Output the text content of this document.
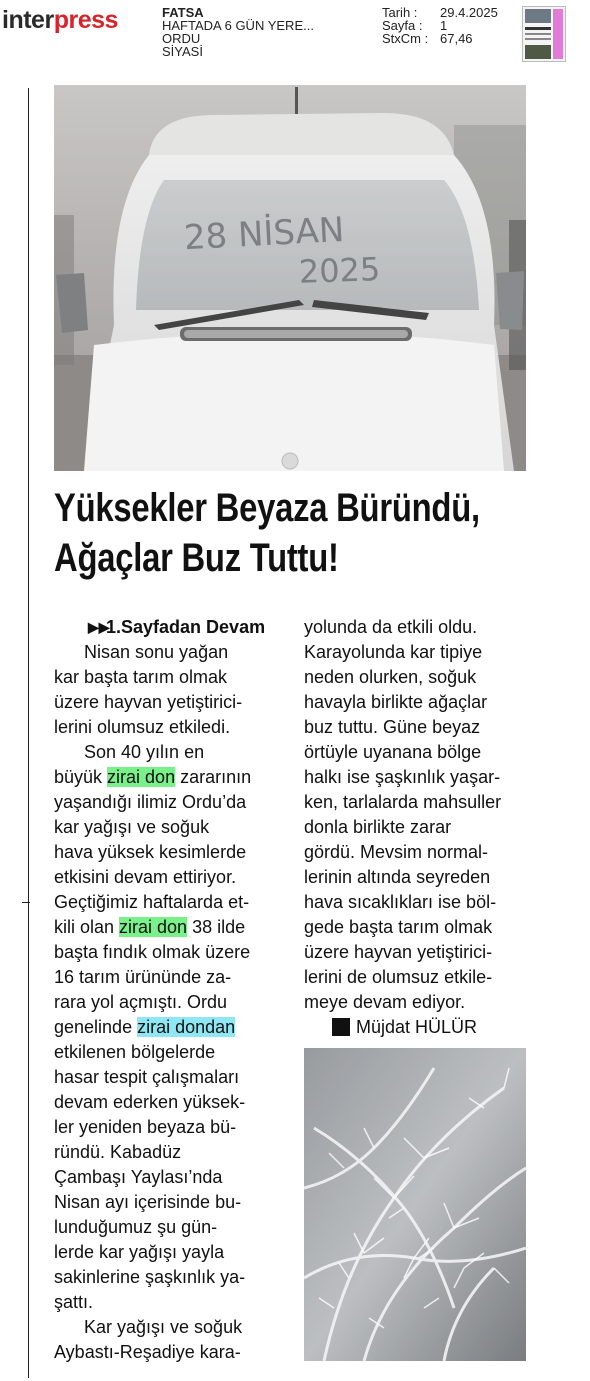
interpress	FATSA
HAFTADA 6 GÜN YERE...
ORDU
SİYASİ
Tarih : 29.4.2025
Sayfa : 1
StxCm : 67,46
28 NİSAN
2025
Yüksekler Beyaza Büründü,
Ağaçlar Buz Tuttu!

▶▶
1.Sayfadan Devam

Nisan sonu yağan
kar başta tarım olmak
üzere hayvan yetiştirici-
lerini olumsuz etkiledi.

Son 40 yılın en
büyük zirai don zararının
yaşandığı ilimiz Ordu’da
kar yağışı ve soğuk
hava yüksek kesimlerde
etkisini devam ettiriyor.
Geçtiğimiz haftalarda et-
kili olan zirai don 38 ilde
başta fındık olmak üzere
16 tarım ürününde za-
rara yol açmıştı. Ordu
genelinde zirai dondan
etkilenen bölgelerde
hasar tespit çalışmaları
devam ederken yüksek-
ler yeniden beyaza bü-
ründü. Kabadüz
Çambaşı Yaylası’nda
Nisan ayı içerisinde bu-
lunduğumuz şu gün-
lerde kar yağışı yayla
sakinlerine şaşkınlık ya-
şattı.

Kar yağışı ve soğuk
Aybastı-Reşadiye kara-

yolunda da etkili oldu.
Karayolunda kar tipiye
neden olurken, soğuk
havayla birlikte ağaçlar
buz tuttu. Güne beyaz
örtüyle uyanana bölge
halkı ise şaşkınlık yaşar-
ken, tarlalarda mahsuller
donla birlikte zarar
gördü. Mevsim normal-
lerinin altında seyreden
hava sıcaklıkları ise böl-
gede başta tarım olmak
üzere hayvan yetiştirici-
lerini de olumsuz etkile-
meye devam ediyor.

Müjdat HÜLÜR
